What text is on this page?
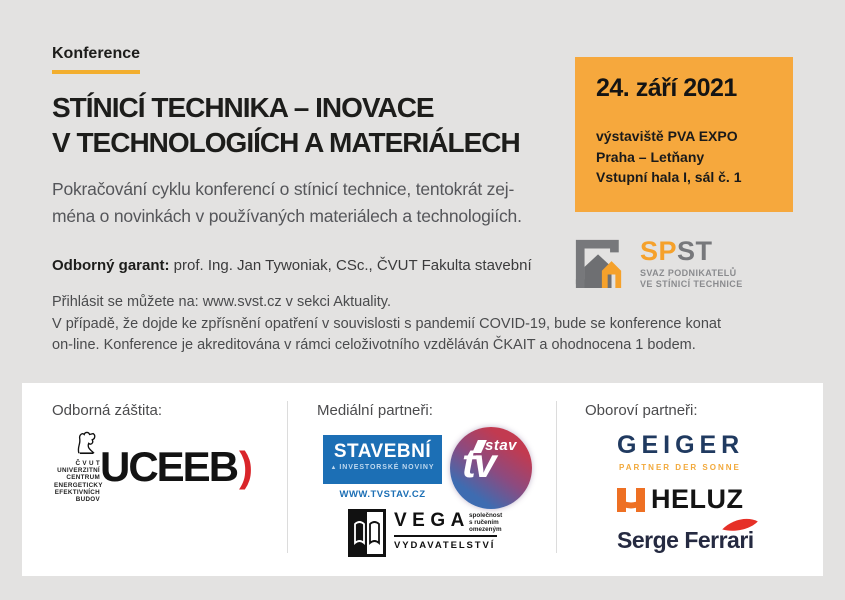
Konference
STÍNICÍ TECHNIKA – INOVACE
V TECHNOLOGIÍCH A MATERIÁLECH
Pokračování cyklu konferencí o stínicí technice, tentokrát zej-
ména o novinkách v používaných materiálech a technologiích.
Odborný garant: prof. Ing. Jan Tywoniak, CSc., ČVUT Fakulta stavební
Přihlásit se můžete na: www.svst.cz v sekci Aktuality.
V případě, že dojde ke zpřísnění opatření v souvislosti s pandemií COVID-19, bude se konference konat
on-line. Konference je akreditována v rámci celoživotního vzděláván ČKAIT a ohodnocena 1 bodem.
24. září 2021
výstaviště PVA EXPO
Praha – Letňany
Vstupní hala I, sál č. 1
SPST
SVAZ PODNIKATELŮ
VE STÍNICÍ TECHNICE
Odborná záštita:	Mediální partneři:	Oboroví partneři:
Č V U T
UNIVERZITNÍ
CENTRUM
ENERGETICKY
EFEKTIVNÍCH
BUDOV
UCEEB)	STAVEBNÍ
▲ INVESTORSKÉ NOVINY
WWW.TVSTAV.CZ
stav
tv
VEGA společnost
s ručením
omezeným
VYDAVATELSTVÍ
GEIGER
PARTNER DER SONNE
HELUZ
Serge Ferrari
